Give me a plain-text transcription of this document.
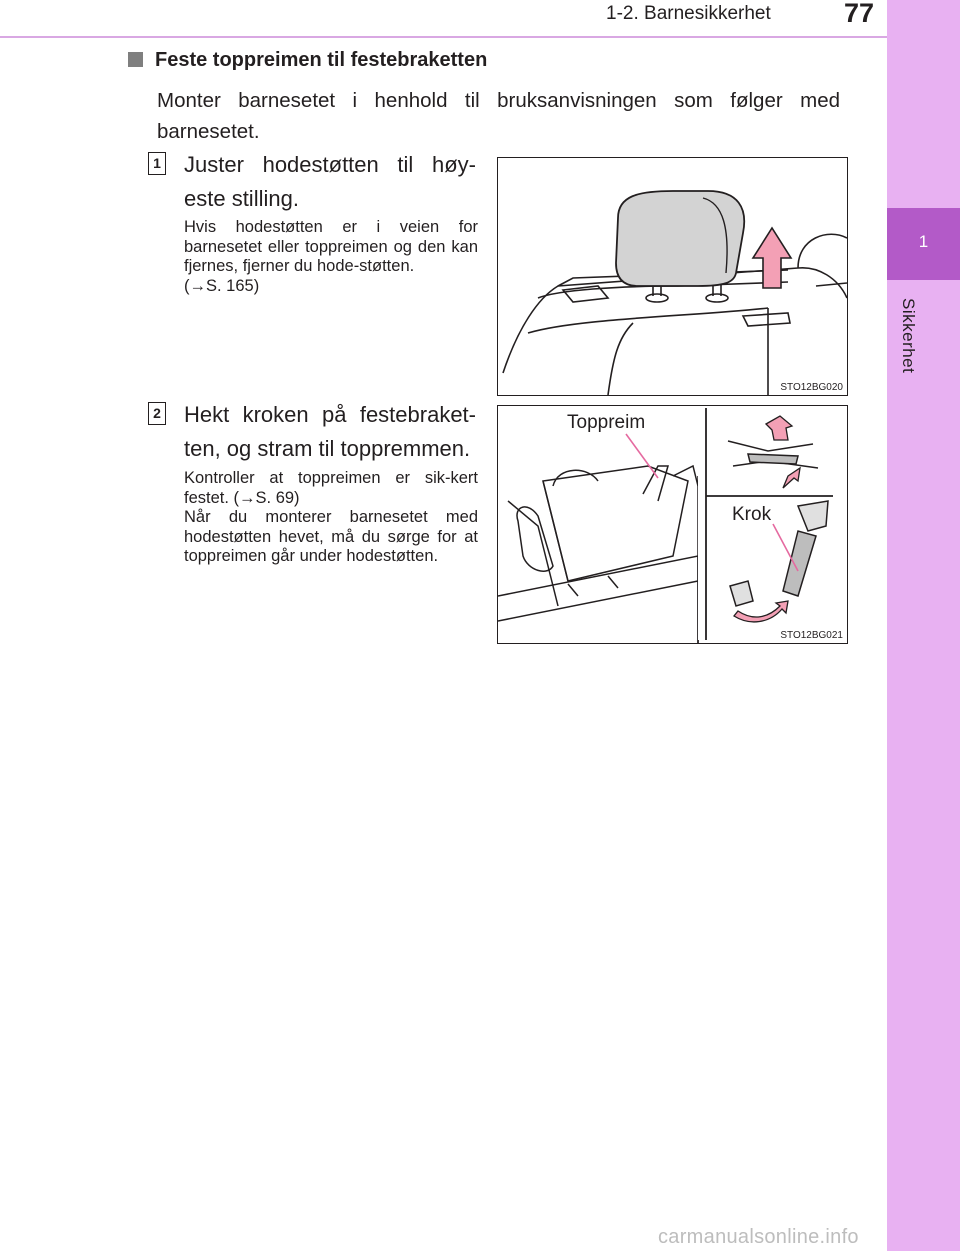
1-2. Barnesikkerhet	77
1
Sikkerhet
Feste toppreimen til festebraketten
Monter barnesetet i henhold til bruksanvisningen som følger med barnesetet.
1 Juster hodestøtten til høy-este stilling.
Hvis hodestøtten er i veien for barnesetet eller toppreimen og den kan fjernes, fjerner du hode-støtten.
(→S. 165)
STO12BG020
2 Hekt kroken på festebraket-ten, og stram til toppremmen.
Kontroller at toppreimen er sik-kert festet. (→S. 69)
Når du monterer barnesetet med hodestøtten hevet, må du sørge for at toppreimen går under hodestøtten.
Toppreim
Krok
STO12BG021
carmanualsonline.info
